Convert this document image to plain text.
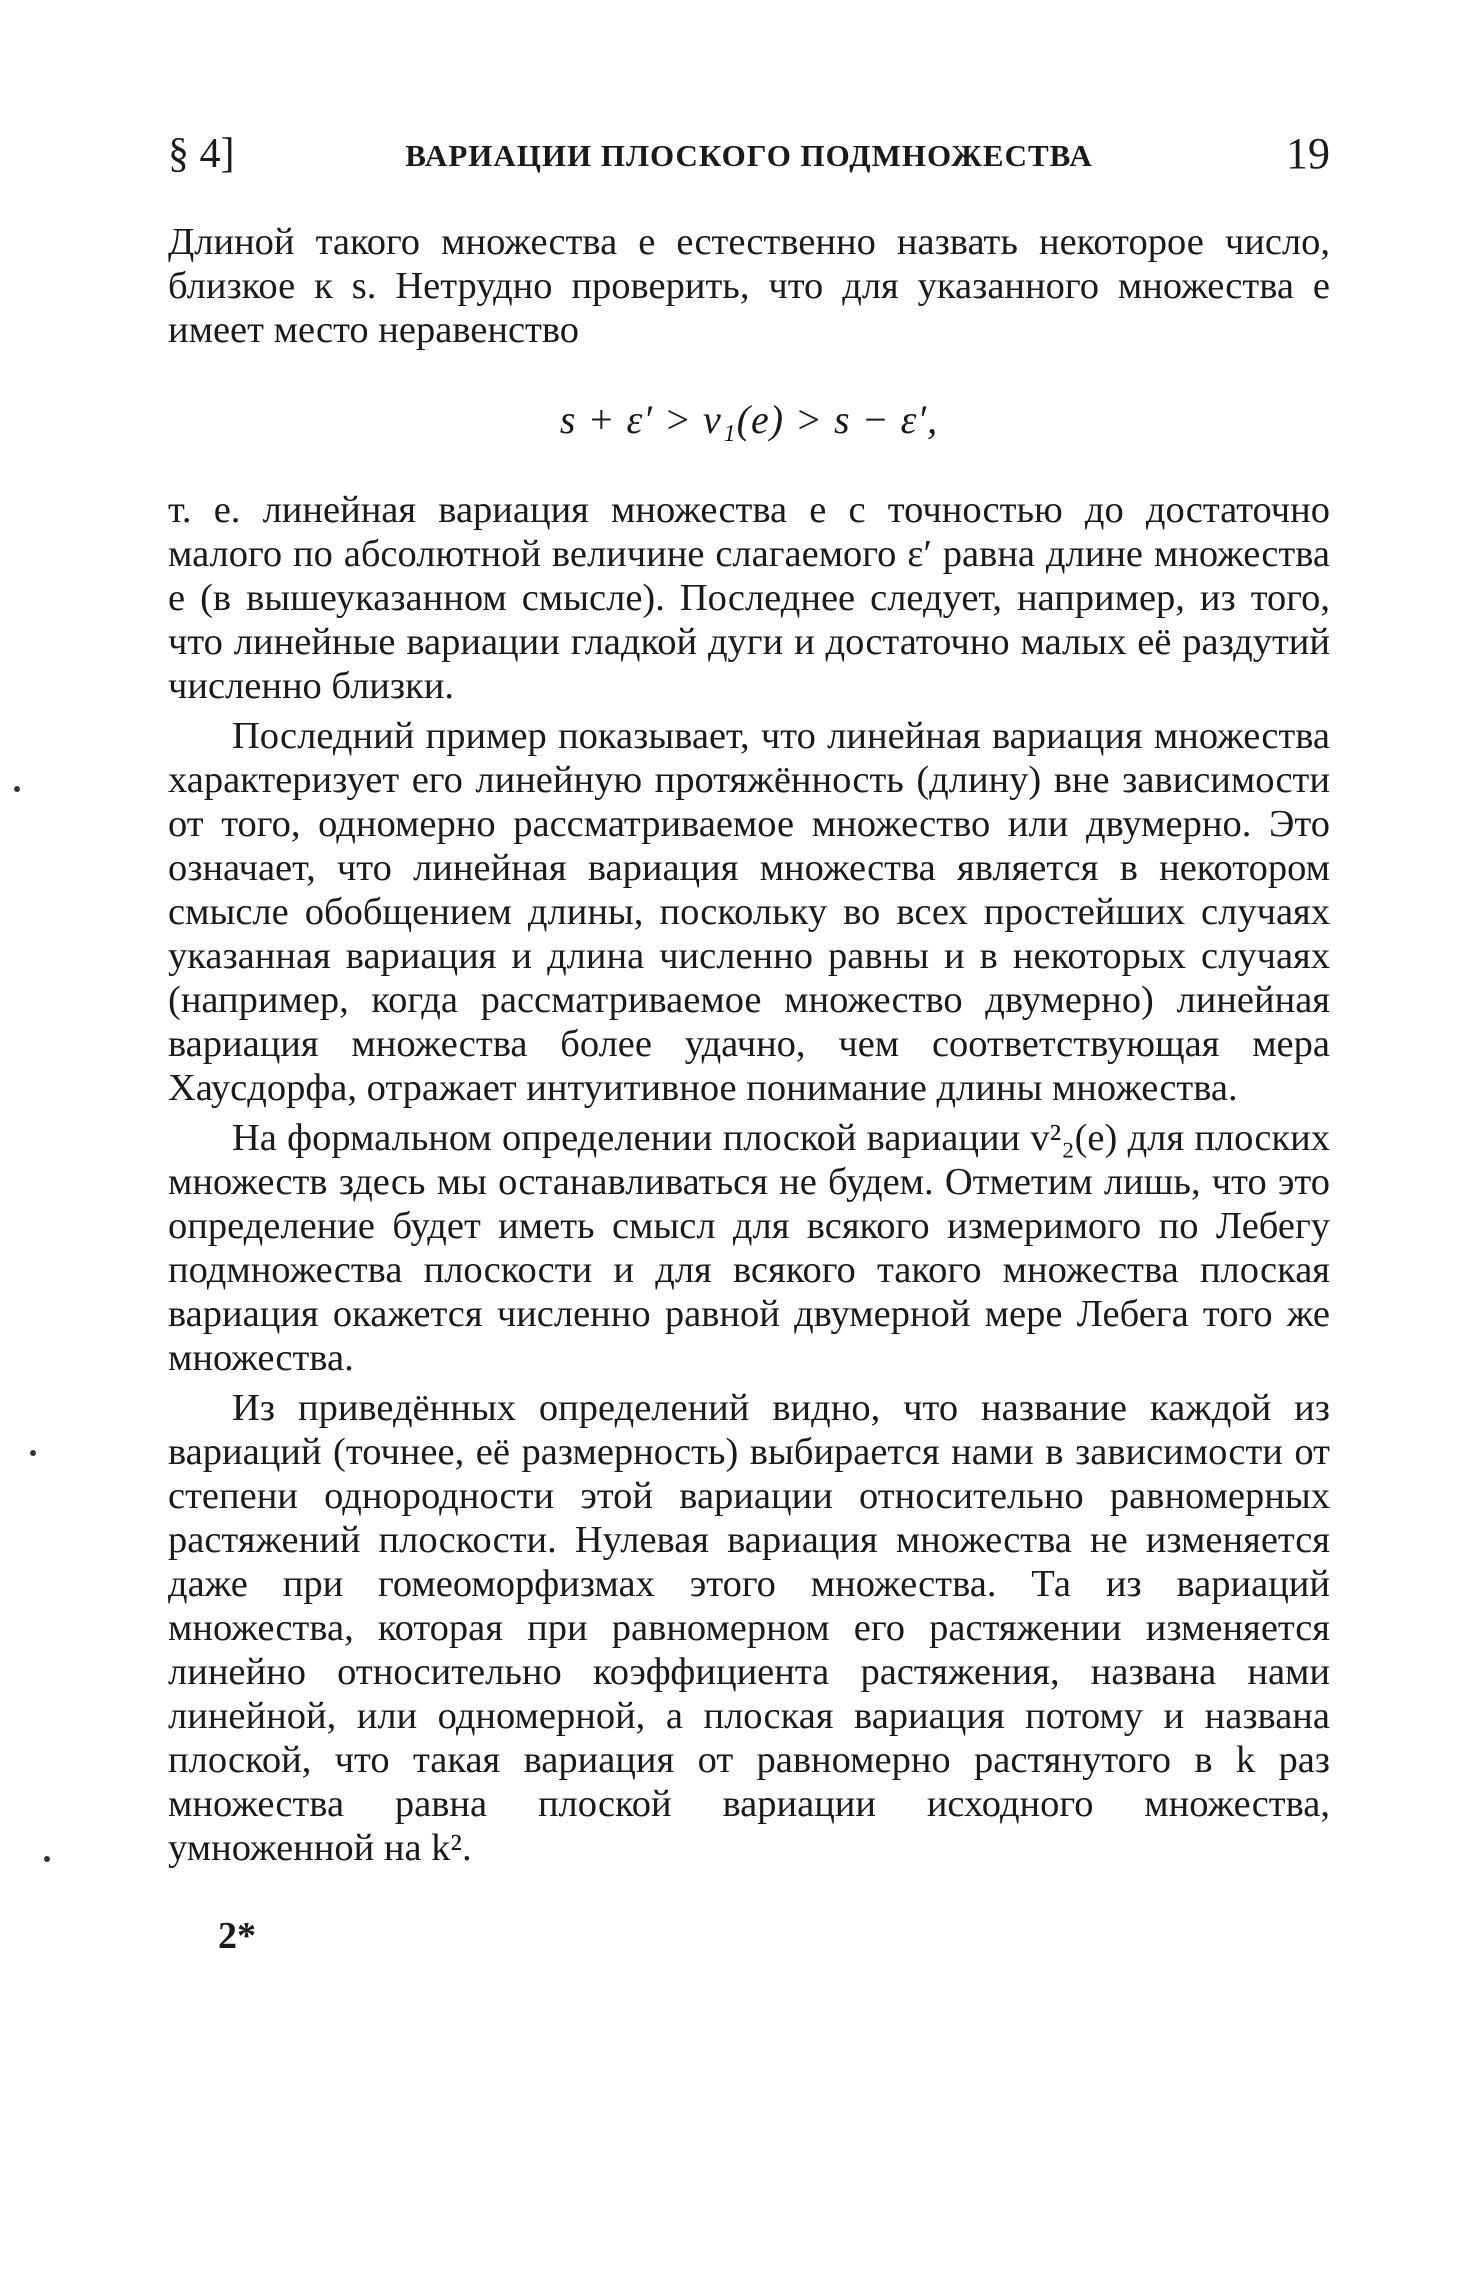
§ 4]	ВАРИАЦИИ ПЛОСКОГО ПОДМНОЖЕСТВА	19

Длиной такого множества e естественно назвать некоторое число, близкое к s. Нетрудно проверить, что для указанного множества e имеет место неравенство

s + ε′ > v₁(e) > s − ε′,

т. е. линейная вариация множества e с точностью до достаточно малого по абсолютной величине слагаемого ε′ равна длине множества e (в вышеуказанном смысле). Последнее следует, например, из того, что линейные вариации гладкой дуги и достаточно малых её раздутий численно близки.

Последний пример показывает, что линейная вариация множества характеризует его линейную протяжённость (длину) вне зависимости от того, одномерно рассматриваемое множество или двумерно. Это означает, что линейная вариация множества является в некотором смысле обобщением длины, поскольку во всех простейших случаях указанная вариация и длина численно равны и в некоторых случаях (например, когда рассматриваемое множество двумерно) линейная вариация множества более удачно, чем соответствующая мера Хаусдорфа, отражает интуитивное понимание длины множества.

На формальном определении плоской вариации v²₂(e) для плоских множеств здесь мы останавливаться не будем. Отметим лишь, что это определение будет иметь смысл для всякого измеримого по Лебегу подмножества плоскости и для всякого такого множества плоская вариация окажется численно равной двумерной мере Лебега того же множества.

Из приведённых определений видно, что название каждой из вариаций (точнее, её размерность) выбирается нами в зависимости от степени однородности этой вариации относительно равномерных растяжений плоскости. Нулевая вариация множества не изменяется даже при гомеоморфизмах этого множества. Та из вариаций множества, которая при равномерном его растяжении изменяется линейно относительно коэффициента растяжения, названа нами линейной, или одномерной, а плоская вариация потому и названа плоской, что такая вариация от равномерно растянутого в k раз множества равна плоской вариации исходного множества, умноженной на k².

2*
